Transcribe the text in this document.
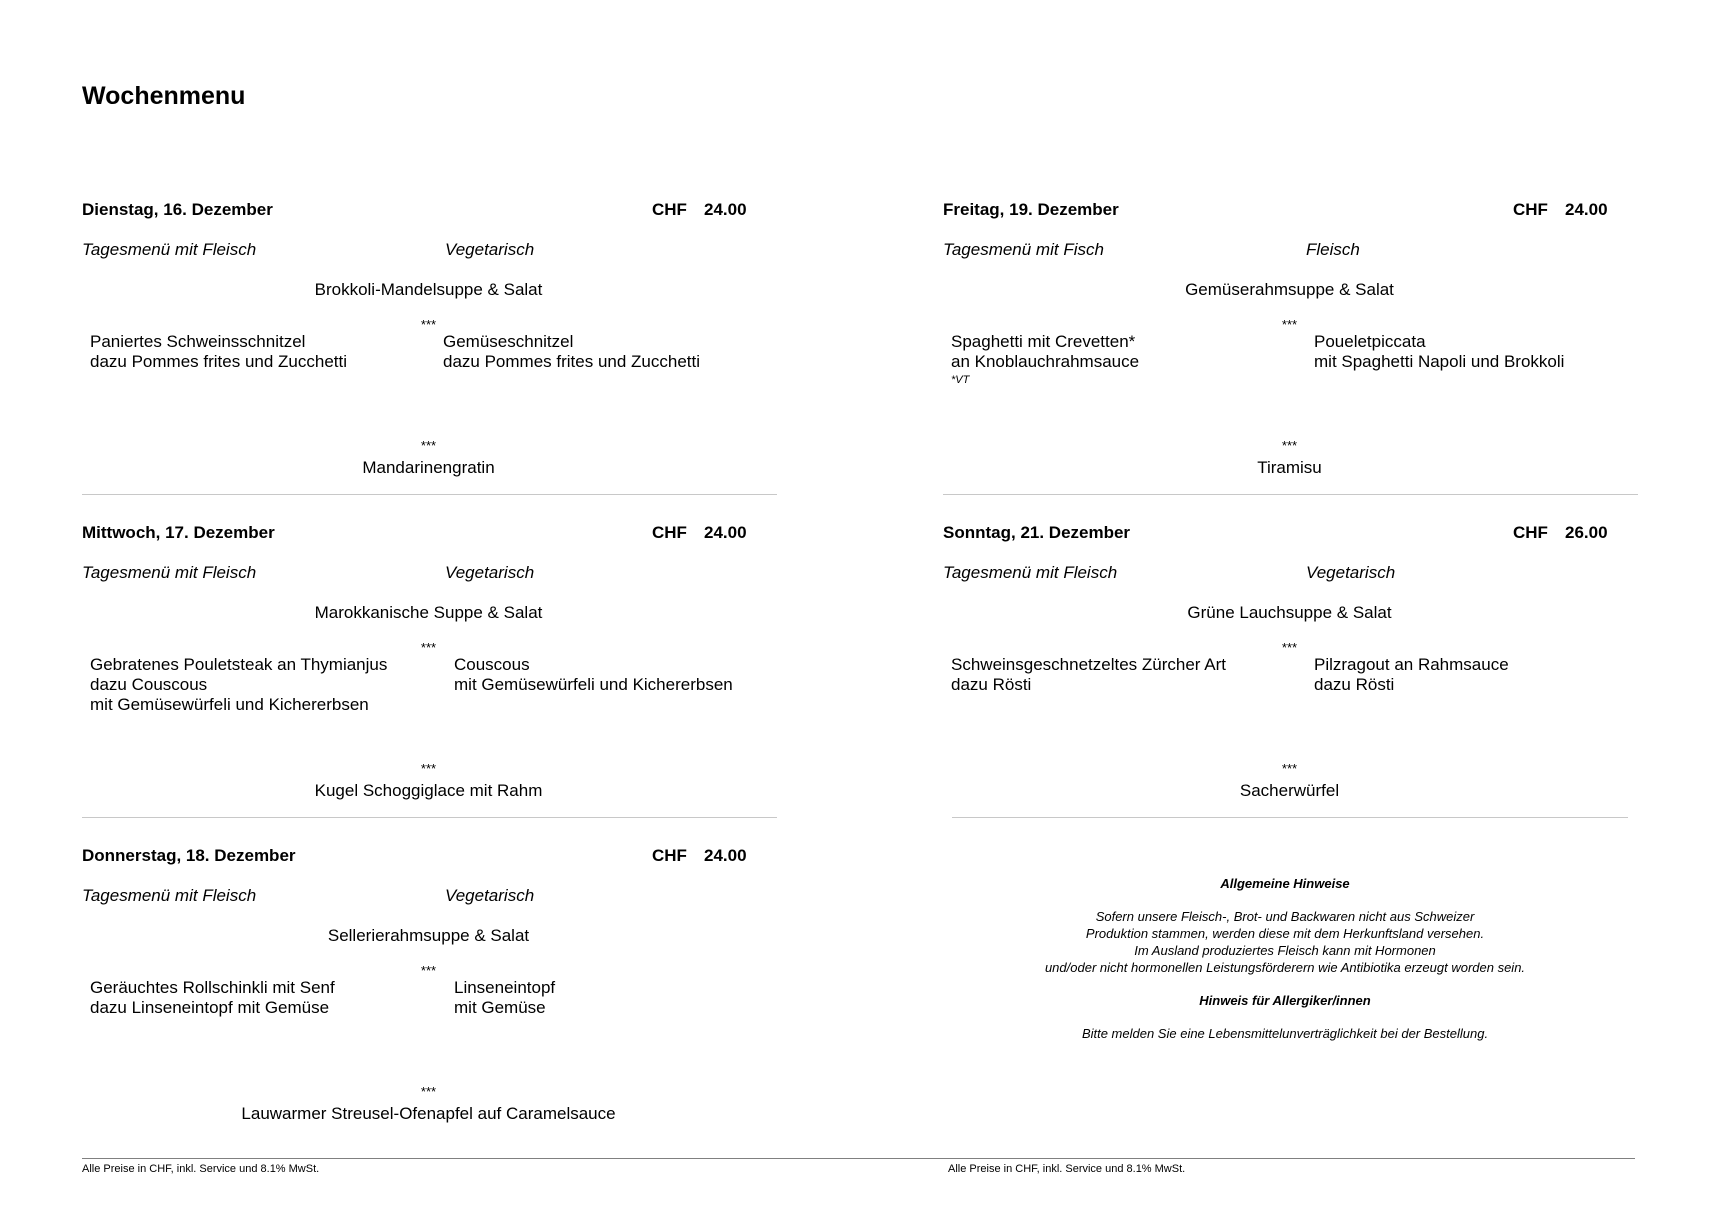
Wochenmenu
Dienstag, 16. Dezember	CHF 24.00
Tagesmenü mit Fleisch	Vegetarisch
Brokkoli-Mandelsuppe & Salat
***
Paniertes Schweinsschnitzel
dazu Pommes frites und Zucchetti
Gemüseschnitzel
dazu Pommes frites und Zucchetti
***
Mandarinengratin
Mittwoch, 17. Dezember	CHF 24.00
Tagesmenü mit Fleisch	Vegetarisch
Marokkanische Suppe & Salat
***
Gebratenes Pouletsteak an Thymianjus
dazu Couscous
mit Gemüsewürfeli und Kichererbsen
Couscous
mit Gemüsewürfeli und Kichererbsen
***
Kugel Schoggiglace mit Rahm
Donnerstag, 18. Dezember	CHF 24.00
Tagesmenü mit Fleisch	Vegetarisch
Sellerierahmsuppe & Salat
***
Geräuchtes Rollschinkli mit Senf
dazu Linseneintopf mit Gemüse
Linseneintopf
mit Gemüse
***
Lauwarmer Streusel-Ofenapfel auf Caramelsauce
Freitag, 19. Dezember	CHF 24.00
Tagesmenü mit Fisch	Fleisch
Gemüserahmsuppe & Salat
***
Spaghetti mit Crevetten*
an Knoblauchrahmsauce
*VT
Poueletpiccata
mit Spaghetti Napoli und Brokkoli
***
Tiramisu
Sonntag, 21. Dezember	CHF 26.00
Tagesmenü mit Fleisch	Vegetarisch
Grüne Lauchsuppe & Salat
***
Schweinsgeschnetzeltes Zürcher Art
dazu Rösti
Pilzragout an Rahmsauce
dazu Rösti
***
Sacherwürfel

Allgemeine Hinweise

Sofern unsere Fleisch-, Brot- und Backwaren nicht aus Schweizer
Produktion stammen, werden diese mit dem Herkunftsland versehen.
Im Ausland produziertes Fleisch kann mit Hormonen
und/oder nicht hormonellen Leistungsförderern wie Antibiotika erzeugt worden sein.

Hinweis für Allergiker/innen

Bitte melden Sie eine Lebensmittelunverträglichkeit bei der Bestellung.

Alle Preise in CHF, inkl. Service und 8.1% MwSt.	Alle Preise in CHF, inkl. Service und 8.1% MwSt.
